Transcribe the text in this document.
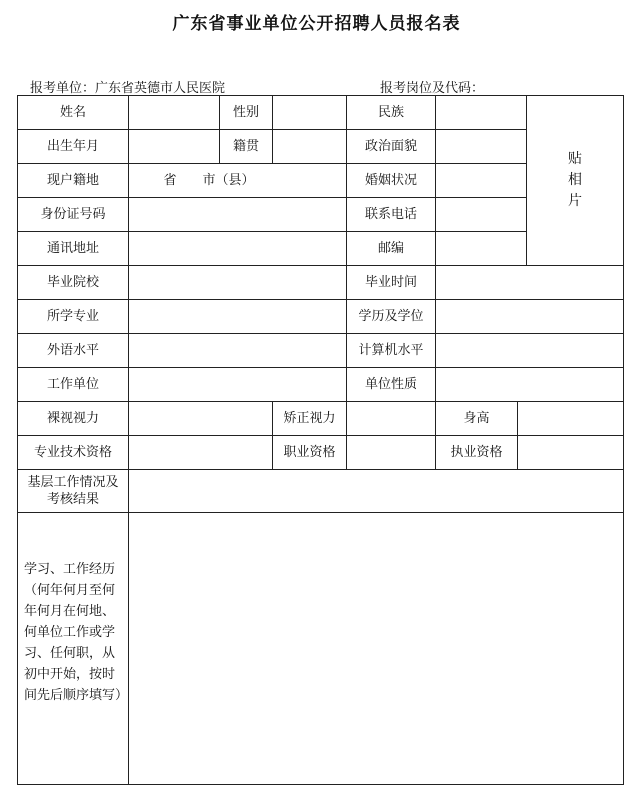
广东省事业单位公开招聘人员报名表
报考单位：广东省英德市人民医院	报考岗位及代码：
姓名	性别	民族
贴
相
片
出生年月	籍贯	政治面貌
现户籍地	省　　市（县）	婚姻状况
身份证号码	联系电话
通讯地址	邮编
毕业院校	毕业时间
所学专业	学历及学位
外语水平	计算机水平
工作单位	单位性质
裸视视力	矫正视力	身高
专业技术资格	职业资格	执业资格
基层工作情况及考核结果
学习、工作经历（何年何月至何年何月在何地、何单位工作或学习、任何职，从初中开始，按时间先后顺序填写）
